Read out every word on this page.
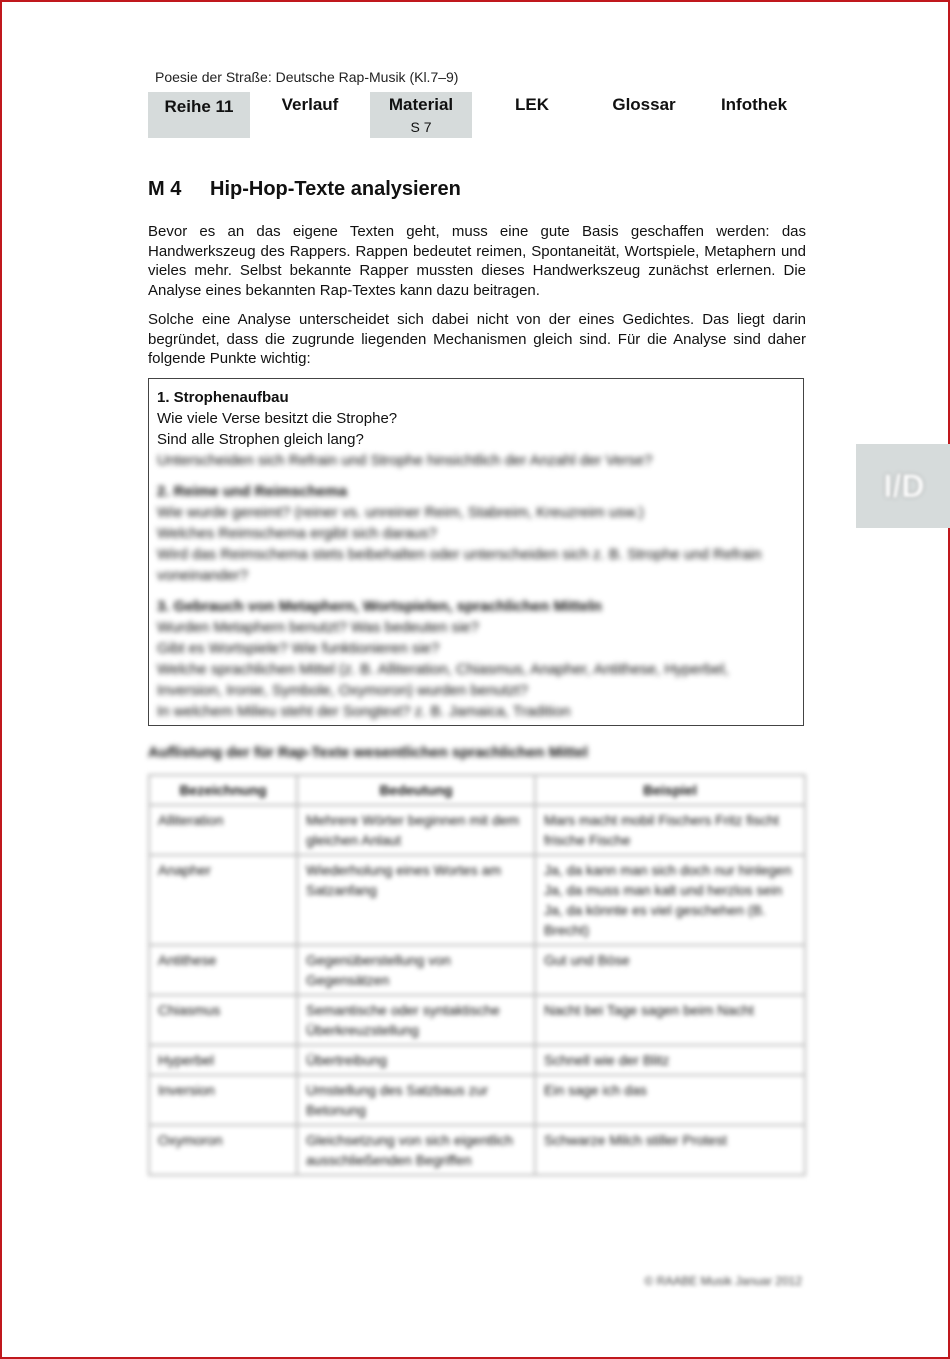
Poesie der Straße: Deutsche Rap-Musik (Kl.7–9)
Reihe 11	Verlauf	Material
S 7
LEK	Glossar	Infothek
I/D
M 4 Hip-Hop-Texte analysieren
Bevor es an das eigene Texten geht, muss eine gute Basis geschaffen werden: das Handwerkszeug des Rappers. Rappen bedeutet reimen, Spontaneität, Wortspiele, Metaphern und vieles mehr. Selbst bekannte Rapper mussten dieses Handwerkszeug zunächst erlernen. Die Analyse eines bekannten Rap-Textes kann dazu beitragen.
Solche eine Analyse unterscheidet sich dabei nicht von der eines Gedichtes. Das liegt darin begründet, dass die zugrunde liegenden Mechanismen gleich sind. Für die Analyse sind daher folgende Punkte wichtig:
1. Strophenaufbau
Wie viele Verse besitzt die Strophe?
Sind alle Strophen gleich lang?
Unterscheiden sich Refrain und Strophe hinsichtlich der Anzahl der Verse?
2. Reime und Reimschema
Wie wurde gereimt? (reiner vs. unreiner Reim, Stabreim, Kreuzreim usw.)
Welches Reimschema ergibt sich daraus?
Wird das Reimschema stets beibehalten oder unterscheiden sich z. B. Strophe und Refrain voneinander?
3. Gebrauch von Metaphern, Wortspielen, sprachlichen Mitteln
Wurden Metaphern benutzt? Was bedeuten sie?
Gibt es Wortspiele? Wie funktionieren sie?
Welche sprachlichen Mittel (z. B. Alliteration, Chiasmus, Anapher, Antithese, Hyperbel, Inversion, Ironie, Symbole, Oxymoron) wurden benutzt?
In welchem Milieu steht der Songtext? z. B. Jamaica, Tradition
Auflistung der für Rap-Texte wesentlichen sprachlichen Mittel
Bezeichnung	Bedeutung	Beispiel
Alliteration	Mehrere Wörter beginnen mit dem gleichen Anlaut	Mars macht mobil Fischers Fritz fischt frische Fische
Anapher	Wiederholung eines Wortes am Satzanfang	Ja, da kann man sich doch nur hinlegen Ja, da muss man kalt und herzlos sein Ja, da könnte es viel geschehen (B. Brecht)
Antithese	Gegenüberstellung von Gegensätzen	Gut und Böse
Chiasmus	Semantische oder syntaktische Überkreuzstellung	Nacht bei Tage sagen beim Nacht
Hyperbel	Übertreibung	Schnell wie der Blitz
Inversion	Umstellung des Satzbaus zur Betonung	Ein sage ich das
Oxymoron	Gleichsetzung von sich eigentlich ausschließenden Begriffen	Schwarze Milch stiller Protest
© RAABE Musik Januar 2012
